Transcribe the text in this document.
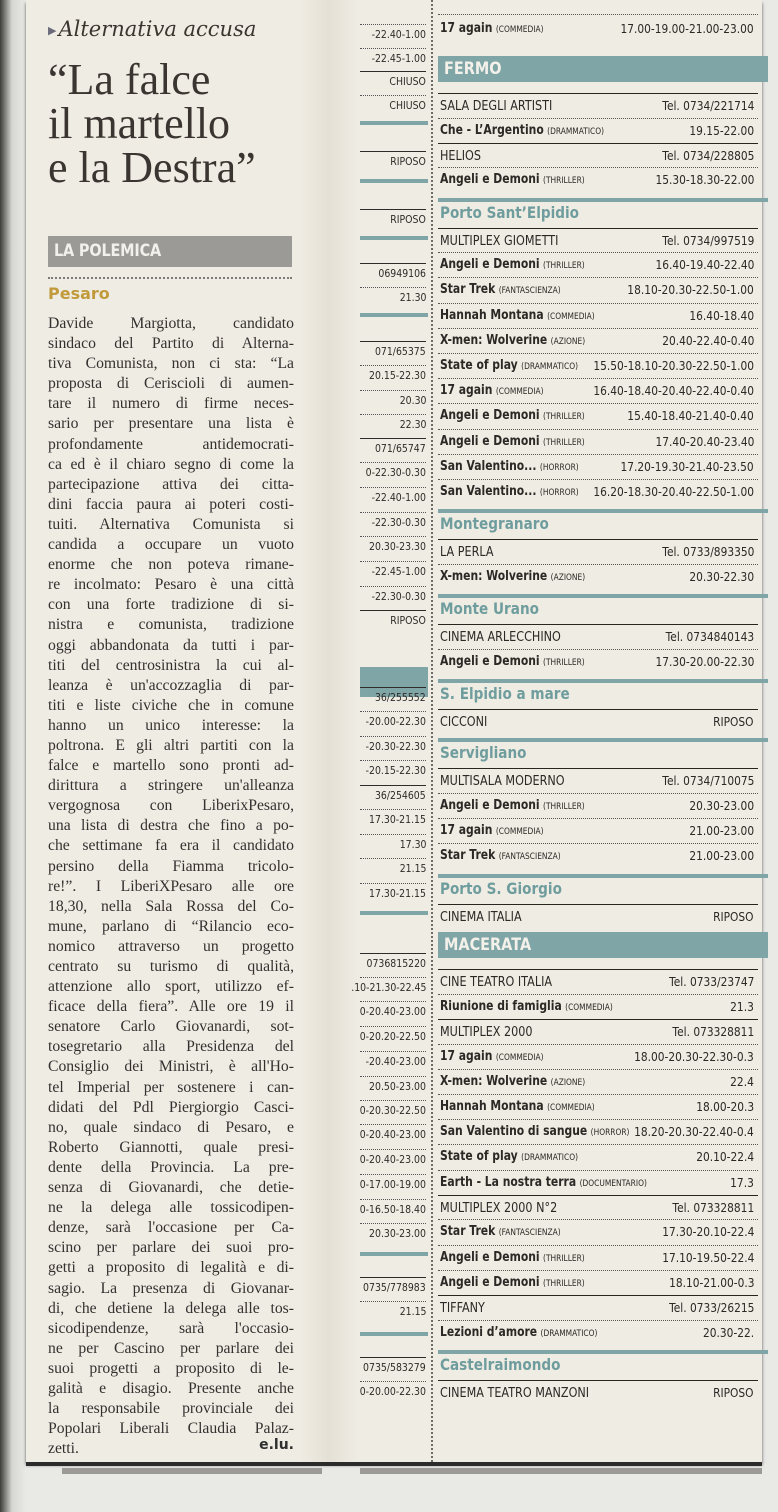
▶Alternativa accusa
“La falce
il martello
e la Destra”
LA POLEMICA
Pesaro

Davide Margiotta, candidato

sindaco del Partito di Alterna-

tiva Comunista, non ci sta: “La

proposta di Ceriscioli di aumen-

tare il numero di firme neces-

sario per presentare una lista è

profondamente antidemocrati-

ca ed è il chiaro segno di come la

partecipazione attiva dei citta-

dini faccia paura ai poteri costi-

tuiti. Alternativa Comunista si

candida a occupare un vuoto

enorme che non poteva rimane-

re incolmato: Pesaro è una città

con una forte tradizione di si-

nistra e comunista, tradizione

oggi abbandonata da tutti i par-

titi del centrosinistra la cui al-

leanza è un'accozzaglia di par-

titi e liste civiche che in comune

hanno un unico interesse: la

poltrona. E gli altri partiti con la

falce e martello sono pronti ad-

dirittura a stringere un'alleanza

vergognosa con LiberixPesaro,

una lista di destra che fino a po-

che settimane fa era il candidato

persino della Fiamma tricolo-

re!”. I LiberiXPesaro alle ore

18,30, nella Sala Rossa del Co-

mune, parlano di “Rilancio eco-

nomico attraverso un progetto

centrato su turismo di qualità,

attenzione allo sport, utilizzo ef-

ficace della fiera”. Alle ore 19 il

senatore Carlo Giovanardi, sot-

tosegretario alla Presidenza del

Consiglio dei Ministri, è all'Ho-

tel Imperial per sostenere i can-

didati del Pdl Piergiorgio Casci-

no, quale sindaco di Pesaro, e

Roberto Giannotti, quale presi-

dente della Provincia. La pre-

senza di Giovanardi, che detie-

ne la delega alle tossicodipen-

denze, sarà l'occasione per Ca-

scino per parlare dei suoi pro-

getti a proposito di legalità e di-

sagio. La presenza di Giovanar-

di, che detiene la delega alle tos-

sicodipendenze, sarà l'occasio-

ne per Cascino per parlare dei

suoi progetti a proposito di le-

galità e disagio. Presente anche

la responsabile provinciale dei

Popolari Liberali Claudia Palaz-

zetti.	e.lu.
-22.40-1.00
-22.45-1.00
CHIUSO
CHIUSO
RIPOSO
RIPOSO
06949106
21.30
071/65375
20.15-22.30
20.30
22.30
071/65747
0-22.30-0.30
-22.40-1.00
-22.30-0.30
20.30-23.30
-22.45-1.00
-22.30-0.30
RIPOSO
36/255552
-20.00-22.30
-20.30-22.30
-20.15-22.30
36/254605
17.30-21.15
17.30
21.15
17.30-21.15
0736815220
.10-21.30-22.45
0-20.40-23.00
0-20.20-22.50
-20.40-23.00
20.50-23.00
0-20.30-22.50
0-20.40-23.00
0-20.40-23.00
0-17.00-19.00
0-16.50-18.40
20.30-23.00
0735/778983
21.15
0735/583279
0-20.00-22.30
17 again (COMMEDIA)	17.00-19.00-21.00-23.00
FERMO
SALA DEGLI ARTISTI	Tel. 0734/221714
Che - L’Argentino (DRAMMATICO)	19.15-22.00
HELIOS	Tel. 0734/228805
Angeli e Demoni (THRILLER)	15.30-18.30-22.00
Porto Sant’Elpidio
MULTIPLEX GIOMETTI	Tel. 0734/997519
Angeli e Demoni (THRILLER)	16.40-19.40-22.40
Star Trek (FANTASCIENZA)	18.10-20.30-22.50-1.00
Hannah Montana (COMMEDIA)	16.40-18.40
X-men: Wolverine (AZIONE)	20.40-22.40-0.40
State of play (DRAMMATICO) 15.50-18.10-20.30-22.50-1.00
17 again (COMMEDIA)	16.40-18.40-20.40-22.40-0.40
Angeli e Demoni (THRILLER)	15.40-18.40-21.40-0.40
Angeli e Demoni (THRILLER)	17.40-20.40-23.40
San Valentino... (HORROR)	17.20-19.30-21.40-23.50
San Valentino... (HORROR) 16.20-18.30-20.40-22.50-1.00
Montegranaro
LA PERLA	Tel. 0733/893350
X-men: Wolverine (AZIONE)	20.30-22.30
Monte Urano
CINEMA ARLECCHINO	Tel. 0734840143
Angeli e Demoni (THRILLER)	17.30-20.00-22.30
S. Elpidio a mare
CICCONI	RIPOSO
Servigliano
MULTISALA MODERNO	Tel. 0734/710075
Angeli e Demoni (THRILLER)	20.30-23.00
17 again (COMMEDIA)	21.00-23.00
Star Trek (FANTASCIENZA)	21.00-23.00
Porto S. Giorgio
CINEMA ITALIA	RIPOSO
MACERATA
CINE TEATRO ITALIA	Tel. 0733/23747
Riunione di famiglia (COMMEDIA)	21.3
MULTIPLEX 2000	Tel. 073328811
17 again (COMMEDIA)	18.00-20.30-22.30-0.3
X-men: Wolverine (AZIONE)	22.4
Hannah Montana (COMMEDIA)	18.00-20.3
San Valentino di sangue (HORROR) 18.20-20.30-22.40-0.4
State of play (DRAMMATICO)	20.10-22.4
Earth - La nostra terra (DOCUMENTARIO)	17.3
MULTIPLEX 2000 N°2	Tel. 073328811
Star Trek (FANTASCIENZA)	17.30-20.10-22.4
Angeli e Demoni (THRILLER)	17.10-19.50-22.4
Angeli e Demoni (THRILLER)	18.10-21.00-0.3
TIFFANY	Tel. 0733/26215
Lezioni d’amore (DRAMMATICO)	20.30-22.
Castelraimondo
CINEMA TEATRO MANZONI	RIPOSO
